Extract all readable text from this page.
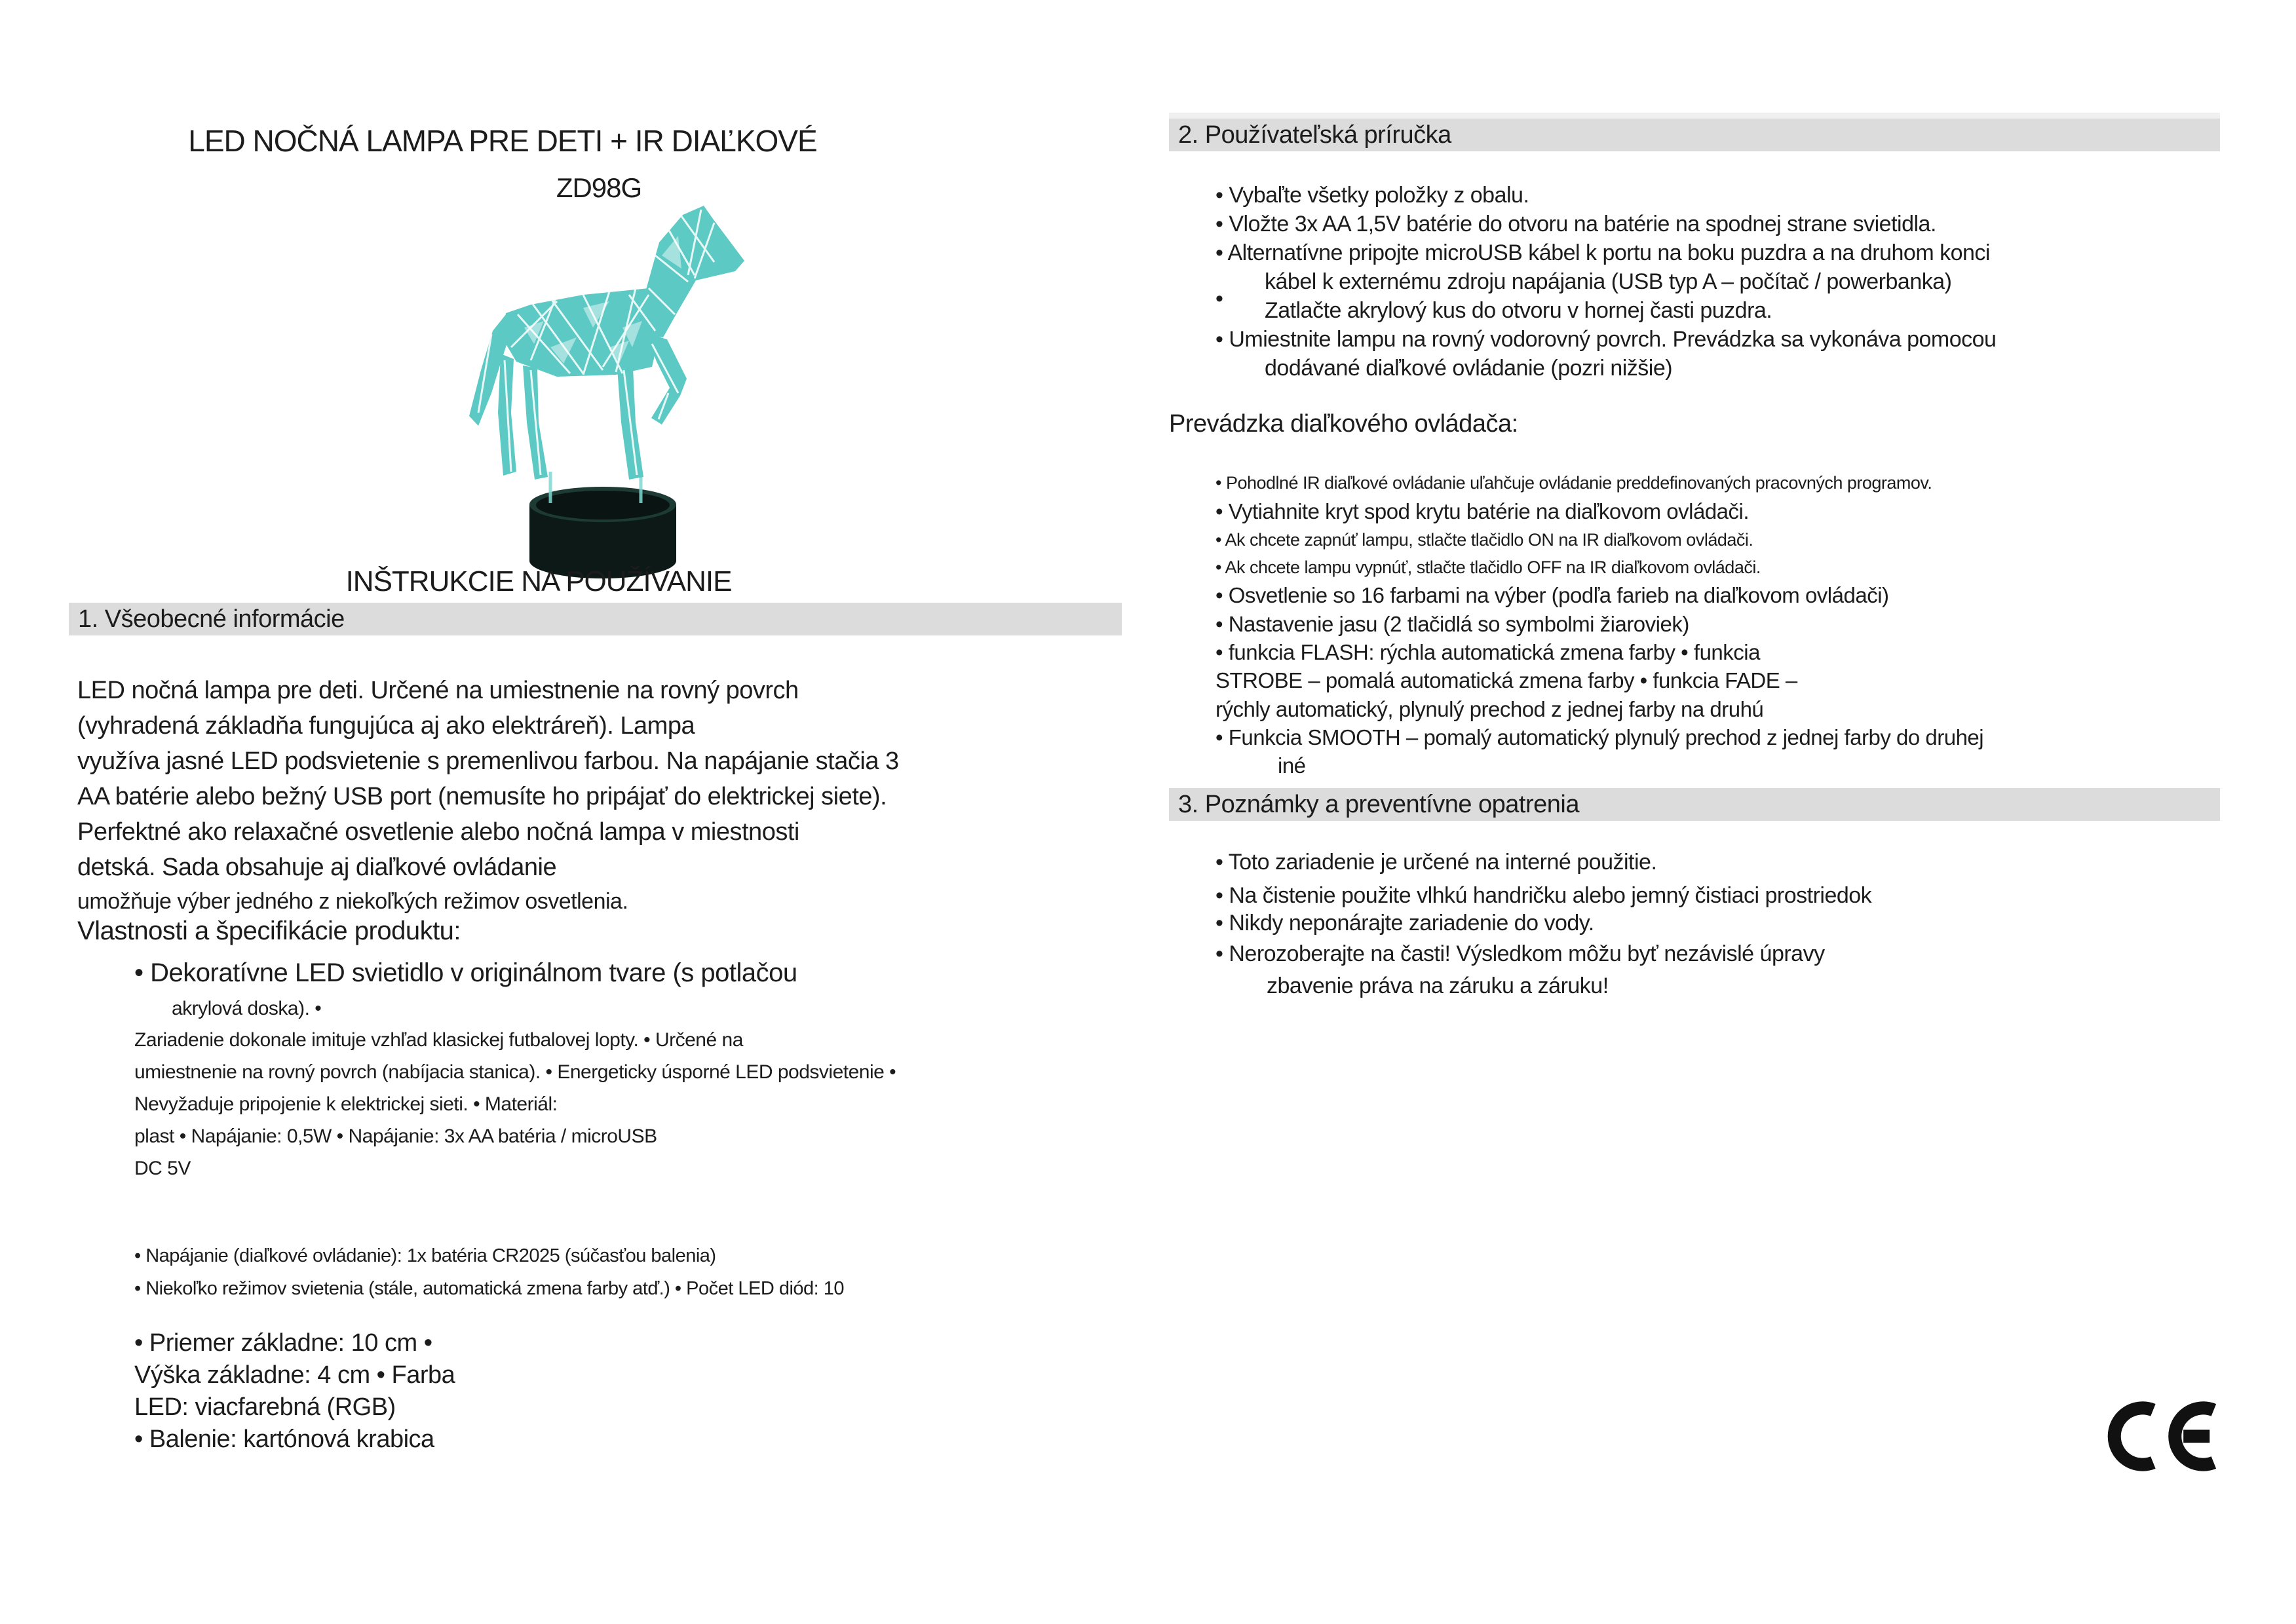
LED NOČNÁ LAMPA PRE DETI + IR DIAĽKOVÉ
ZD98G
INŠTRUKCIE NA POUŽÍVANIE
1. Všeobecné informácie
LED nočná lampa pre deti. Určené na umiestnenie na rovný povrch
(vyhradená základňa fungujúca aj ako elektráreň). Lampa
využíva jasné LED podsvietenie s premenlivou farbou. Na napájanie stačia 3
AA batérie alebo bežný USB port (nemusíte ho pripájať do elektrickej siete).
Perfektné ako relaxačné osvetlenie alebo nočná lampa v miestnosti
detská. Sada obsahuje aj diaľkové ovládanie
umožňuje výber jedného z niekoľkých režimov osvetlenia.
Vlastnosti a špecifikácie produktu:
• Dekoratívne LED svietidlo v originálnom tvare (s potlačou
akrylová doska). •
Zariadenie dokonale imituje vzhľad klasickej futbalovej lopty. • Určené na
umiestnenie na rovný povrch (nabíjacia stanica). • Energeticky úsporné LED podsvietenie •
Nevyžaduje pripojenie k elektrickej sieti. • Materiál:
plast • Napájanie: 0,5W • Napájanie: 3x AA batéria / microUSB
DC 5V
• Napájanie (diaľkové ovládanie): 1x batéria CR2025 (súčasťou balenia)
• Niekoľko režimov svietenia (stále, automatická zmena farby atď.) • Počet LED diód: 10
• Priemer základne: 10 cm •
Výška základne: 4 cm • Farba
LED: viacfarebná (RGB)
• Balenie: kartónová krabica
2. Používateľská príručka
• Vybaľte všetky položky z obalu.
• Vložte 3x AA 1,5V batérie do otvoru na batérie na spodnej strane svietidla.
• Alternatívne pripojte microUSB kábel k portu na boku puzdra a na druhom konci
kábel k externému zdroju napájania (USB typ A – počítač / powerbanka)
• Zatlačte akrylový kus do otvoru v hornej časti puzdra.
• Umiestnite lampu na rovný vodorovný povrch. Prevádzka sa vykonáva pomocou
dodávané diaľkové ovládanie (pozri nižšie)
Prevádzka diaľkového ovládača:
• Pohodlné IR diaľkové ovládanie uľahčuje ovládanie preddefinovaných pracovných programov.
• Vytiahnite kryt spod krytu batérie na diaľkovom ovládači.
• Ak chcete zapnúť lampu, stlačte tlačidlo ON na IR diaľkovom ovládači.
• Ak chcete lampu vypnúť, stlačte tlačidlo OFF na IR diaľkovom ovládači.
• Osvetlenie so 16 farbami na výber (podľa farieb na diaľkovom ovládači)
• Nastavenie jasu (2 tlačidlá so symbolmi žiaroviek)
• funkcia FLASH: rýchla automatická zmena farby • funkcia
STROBE – pomalá automatická zmena farby • funkcia FADE –
rýchly automatický, plynulý prechod z jednej farby na druhú
• Funkcia SMOOTH – pomalý automatický plynulý prechod z jednej farby do druhej
iné
3. Poznámky a preventívne opatrenia
• Toto zariadenie je určené na interné použitie.
• Na čistenie použite vlhkú handričku alebo jemný čistiaci prostriedok
• Nikdy neponárajte zariadenie do vody.
• Nerozoberajte na časti! Výsledkom môžu byť nezávislé úpravy
zbavenie práva na záruku a záruku!
